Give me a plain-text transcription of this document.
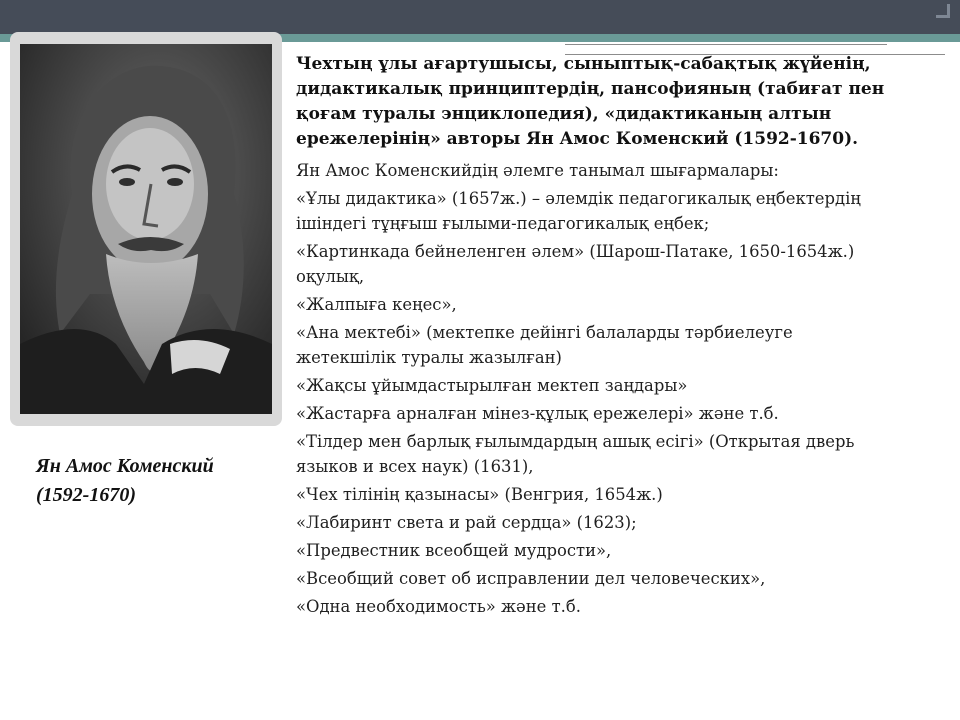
Ян Амос Коменский
(1592-1670)

Чехтың ұлы ағартушысы, сыныптық-сабақтық жүйенің, дидактикалық принциптердің, пансофияның (табиғат пен қоғам туралы энциклопедия), «дидактиканың алтын ережелерінің» авторы Ян Амос Коменский (1592-1670).

Ян Амос Коменскийдің әлемге танымал шығармалары:

«Ұлы дидактика» (1657ж.) – әлемдік педагогикалық еңбектердің ішіндегі тұңғыш ғылыми-педагогикалық еңбек;

«Картинкада бейнеленген әлем» (Шарош-Патаке, 1650-1654ж.) оқулық,

«Жалпыға кеңес»,

«Ана мектебі» (мектепке дейінгі балаларды тәрбиелеуге жетекшілік туралы жазылған)

«Жақсы ұйымдастырылған мектеп заңдары»

«Жастарға арналған мінез-құлық ережелері» және т.б.

«Тілдер мен барлық ғылымдардың ашық есігі» (Открытая дверь языков и всех наук) (1631),

«Чех тілінің қазынасы» (Венгрия, 1654ж.)

«Лабиринт света и рай сердца» (1623);

«Предвестник всеобщей мудрости»,

«Всеобщий совет об исправлении дел человеческих»,

«Одна необходимость» және т.б.
